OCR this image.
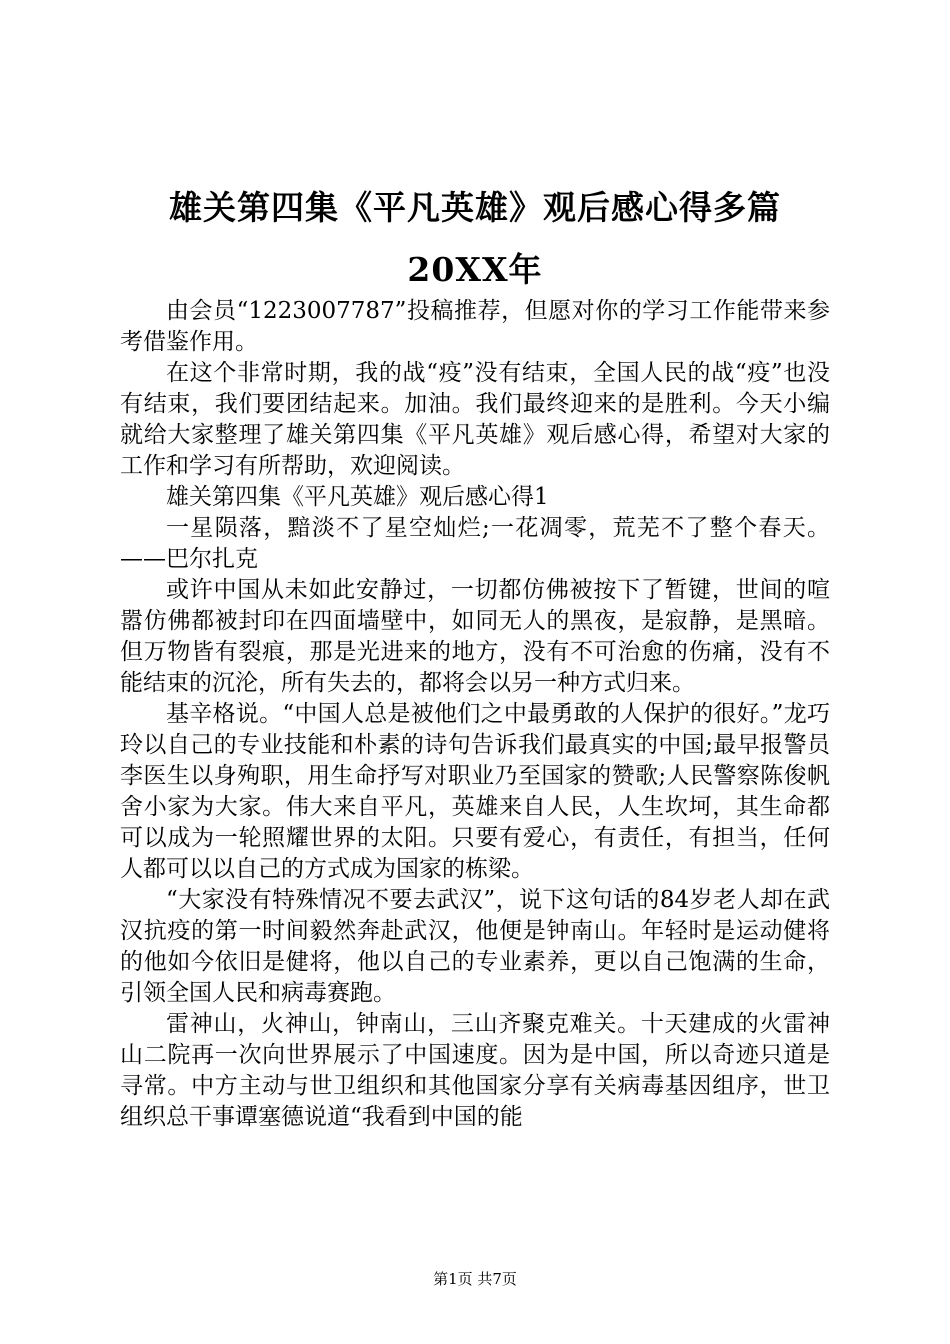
雄关第四集《平凡英雄》观后感心得多篇
20XX年

由会员“1223007787”投稿推荐，但愿对你的学习工作能带来参考借鉴作用。

在这个非常时期，我的战“疫”没有结束，全国人民的战“疫”也没有结束，我们要团结起来。加油。我们最终迎来的是胜利。今天小编就给大家整理了雄关第四集《平凡英雄》观后感心得，希望对大家的工作和学习有所帮助，欢迎阅读。

雄关第四集《平凡英雄》观后感心得1

一星陨落，黯淡不了星空灿烂;一花凋零，荒芜不了整个春天。——巴尔扎克

或许中国从未如此安静过，一切都仿佛被按下了暂键，世间的喧嚣仿佛都被封印在四面墙壁中，如同无人的黑夜，是寂静，是黑暗。但万物皆有裂痕，那是光进来的地方，没有不可治愈的伤痛，没有不能结束的沉沦，所有失去的，都将会以另一种方式归来。

基辛格说。“中国人总是被他们之中最勇敢的人保护的很好。”龙巧玲以自己的专业技能和朴素的诗句告诉我们最真实的中国;最早报警员李医生以身殉职，用生命抒写对职业乃至国家的赞歌;人民警察陈俊帆舍小家为大家。伟大来自平凡，英雄来自人民，人生坎坷，其生命都可以成为一轮照耀世界的太阳。只要有爱心，有责任，有担当，任何人都可以以自己的方式成为国家的栋梁。

“大家没有特殊情况不要去武汉”，说下这句话的84岁老人却在武汉抗疫的第一时间毅然奔赴武汉，他便是钟南山。年轻时是运动健将的他如今依旧是健将，他以自己的专业素养，更以自己饱满的生命，引领全国人民和病毒赛跑。

雷神山，火神山，钟南山，三山齐聚克难关。十天建成的火雷神山二院再一次向世界展示了中国速度。因为是中国，所以奇迹只道是寻常。中方主动与世卫组织和其他国家分享有关病毒基因组序，世卫组织总干事谭塞德说道“我看到中国的能

第1页 共7页
